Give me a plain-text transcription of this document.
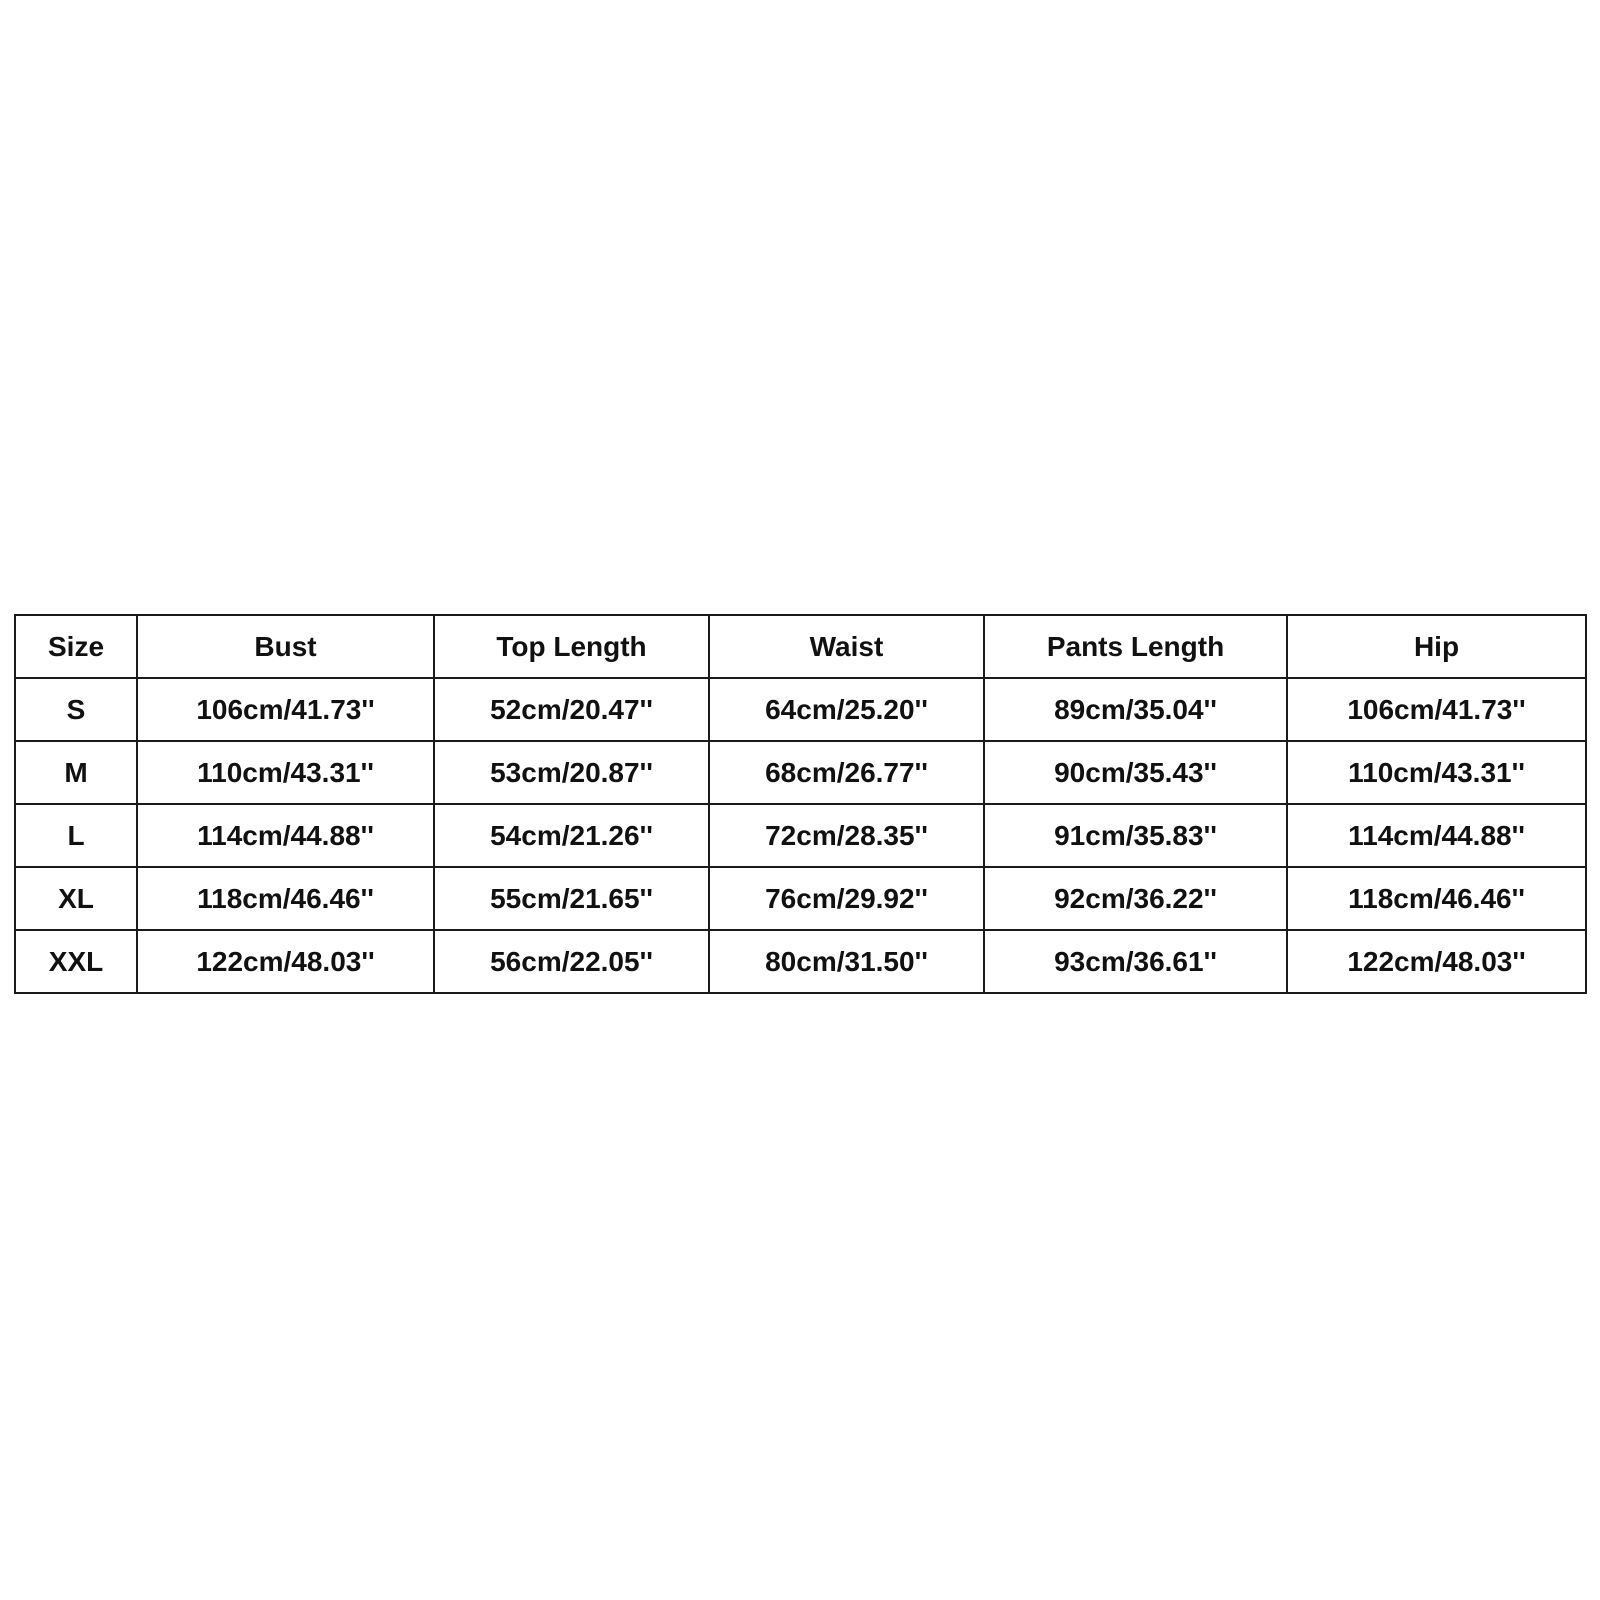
Size	Bust	Top Length	Waist	Pants Length	Hip
S	106cm/41.73''	52cm/20.47''	64cm/25.20''	89cm/35.04''	106cm/41.73''
M	110cm/43.31''	53cm/20.87''	68cm/26.77''	90cm/35.43''	110cm/43.31''
L	114cm/44.88''	54cm/21.26''	72cm/28.35''	91cm/35.83''	114cm/44.88''
XL	118cm/46.46''	55cm/21.65''	76cm/29.92''	92cm/36.22''	118cm/46.46''
XXL	122cm/48.03''	56cm/22.05''	80cm/31.50''	93cm/36.61''	122cm/48.03''
